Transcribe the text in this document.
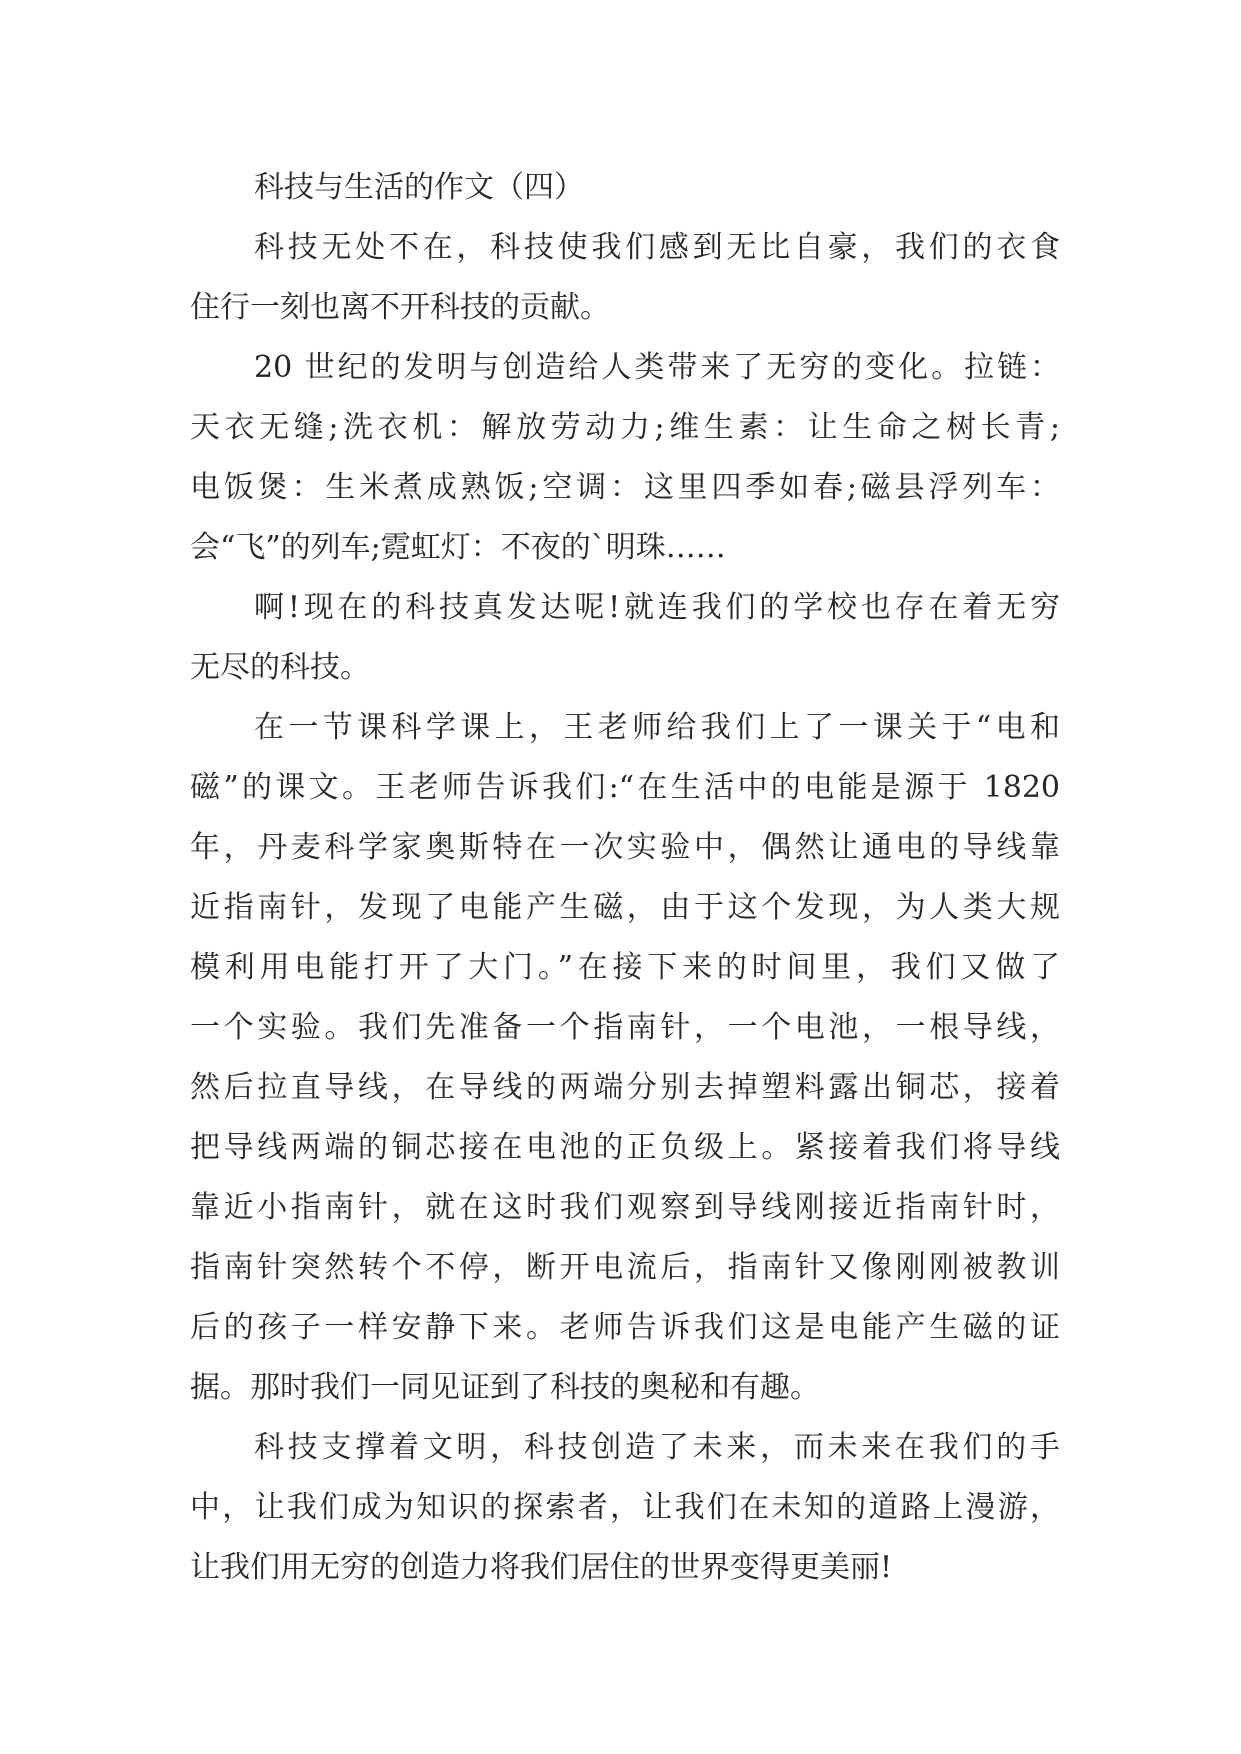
科技与生活的作文（四）
科技无处不在，科技使我们感到无比自豪，我们的衣食
住行一刻也离不开科技的贡献。
20 世纪的发明与创造给人类带来了无穷的变化。拉链：
天衣无缝;洗衣机：解放劳动力;维生素：让生命之树长青;
电饭煲：生米煮成熟饭;空调：这里四季如春;磁县浮列车：
会“飞”的列车;霓虹灯：不夜的`明珠……
啊!现在的科技真发达呢!就连我们的学校也存在着无穷
无尽的科技。
在一节课科学课上，王老师给我们上了一课关于“电和
磁”的课文。王老师告诉我们:“在生活中的电能是源于 1820
年，丹麦科学家奥斯特在一次实验中，偶然让通电的导线靠
近指南针，发现了电能产生磁，由于这个发现，为人类大规
模利用电能打开了大门。”在接下来的时间里，我们又做了
一个实验。我们先准备一个指南针，一个电池，一根导线，
然后拉直导线，在导线的两端分别去掉塑料露出铜芯，接着
把导线两端的铜芯接在电池的正负级上。紧接着我们将导线
靠近小指南针，就在这时我们观察到导线刚接近指南针时，
指南针突然转个不停，断开电流后，指南针又像刚刚被教训
后的孩子一样安静下来。老师告诉我们这是电能产生磁的证
据。那时我们一同见证到了科技的奥秘和有趣。
科技支撑着文明，科技创造了未来，而未来在我们的手
中，让我们成为知识的探索者，让我们在未知的道路上漫游，
让我们用无穷的创造力将我们居住的世界变得更美丽!
